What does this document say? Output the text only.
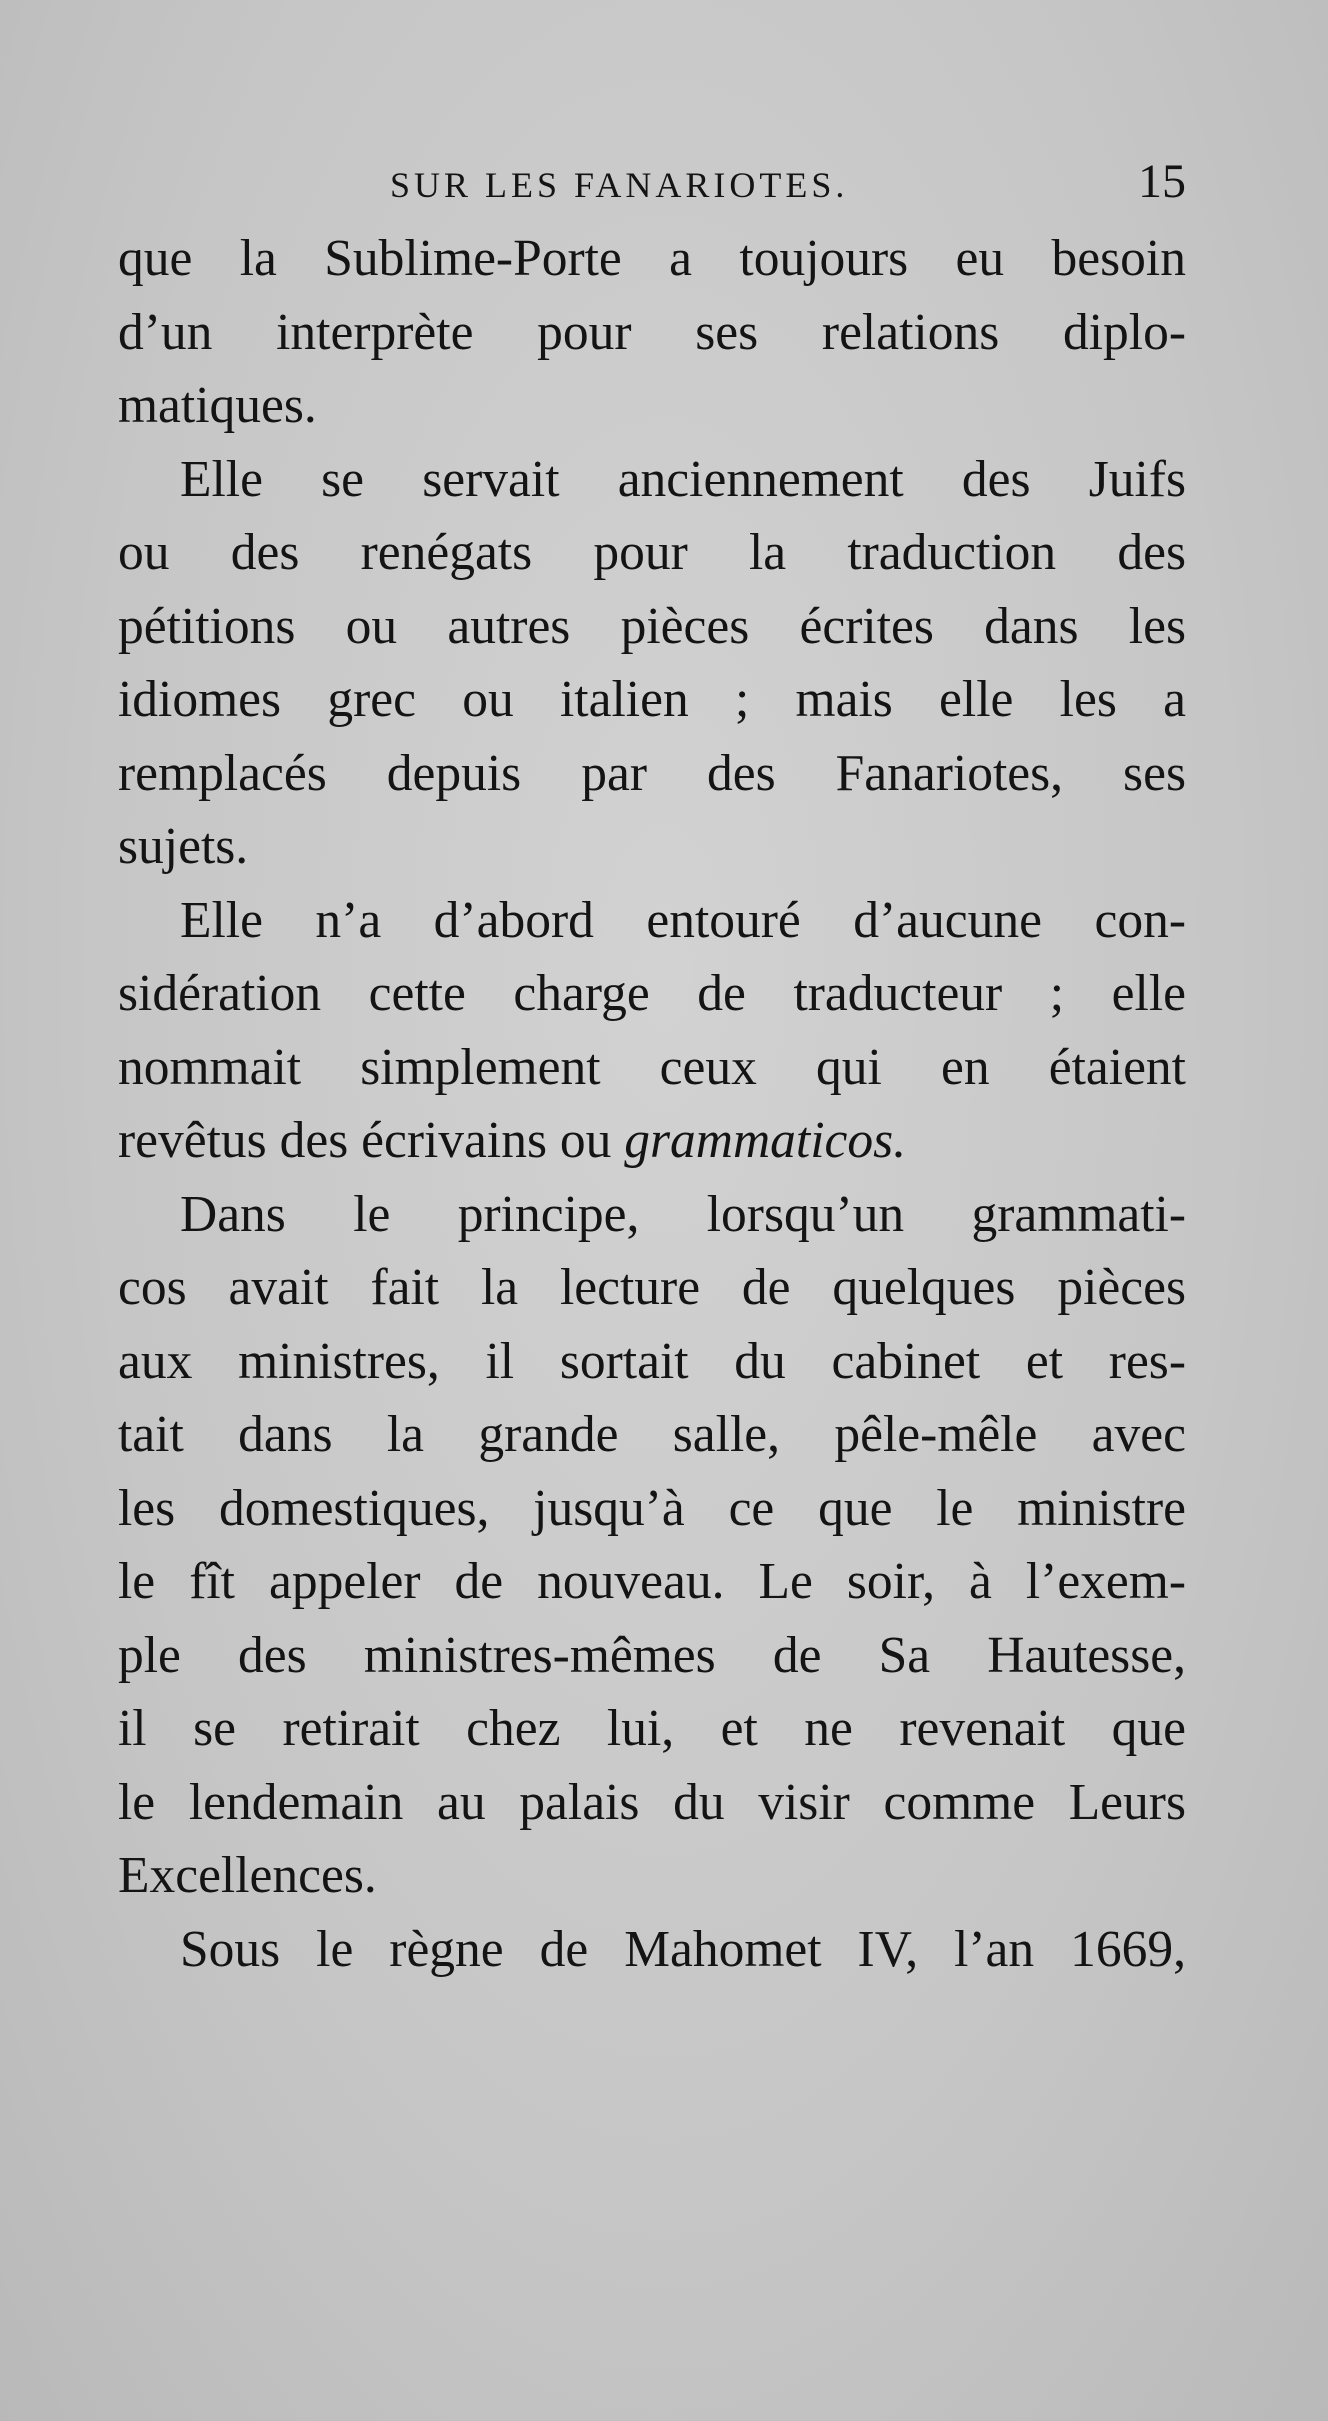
SUR LES FANARIOTES.	15

que la Sublime-Porte a toujours eu besoin

d’un interprète pour ses relations diplo-

matiques.

Elle se servait anciennement des Juifs

ou des renégats pour la traduction des

pétitions ou autres pièces écrites dans les

idiomes grec ou italien ; mais elle les a

remplacés depuis par des Fanariotes, ses

sujets.

Elle n’a d’abord entouré d’aucune con-

sidération cette charge de traducteur ; elle

nommait simplement ceux qui en étaient

revêtus des écrivains ou grammaticos.

Dans le principe, lorsqu’un grammati-

cos avait fait la lecture de quelques pièces

aux ministres, il sortait du cabinet et res-

tait dans la grande salle, pêle-mêle avec

les domestiques, jusqu’à ce que le ministre

le fît appeler de nouveau. Le soir, à l’exem-

ple des ministres-mêmes de Sa Hautesse,

il se retirait chez lui, et ne revenait que

le lendemain au palais du visir comme Leurs

Excellences.

Sous le règne de Mahomet IV, l’an 1669,
